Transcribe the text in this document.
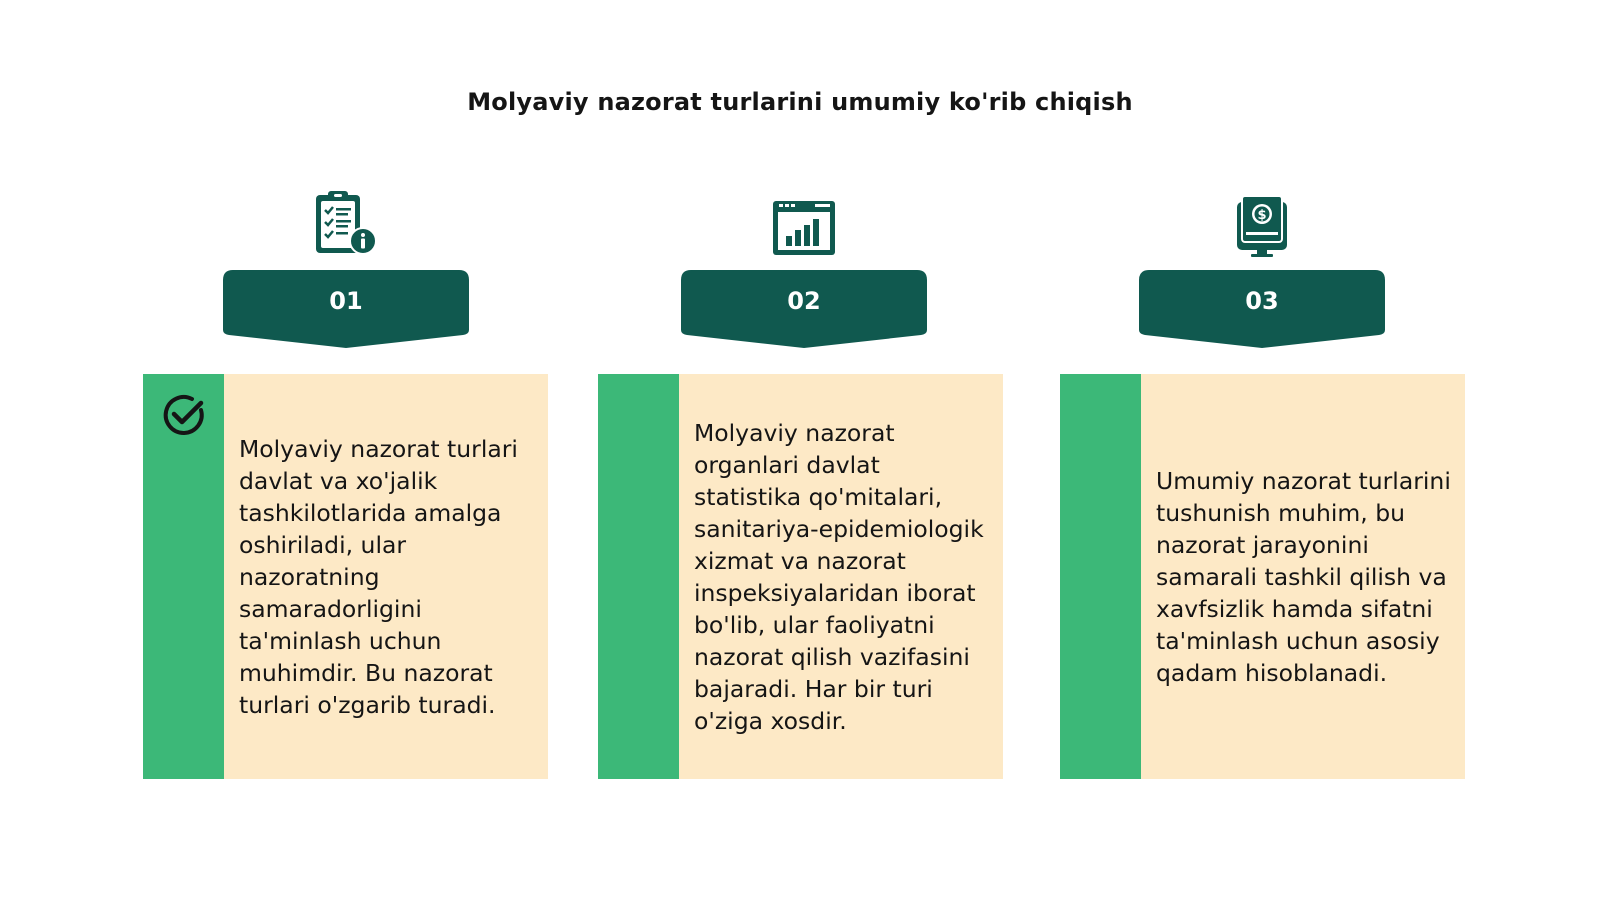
Molyaviy nazorat turlarini umumiy ko'rib chiqish
01	02
$
03
Molyaviy nazorat turlari davlat va xo'jalik tashkilotlarida amalga oshiriladi, ular nazoratning samaradorligini ta'minlash uchun muhimdir. Bu nazorat turlari o'zgarib turadi.
Molyaviy nazorat organlari davlat statistika qo'mitalari, sanitariya-epidemiologik xizmat va nazorat inspeksiyalaridan iborat bo'lib, ular faoliyatni nazorat qilish vazifasini bajaradi. Har bir turi o'ziga xosdir.
Umumiy nazorat turlarini tushunish muhim, bu nazorat jarayonini samarali tashkil qilish va xavfsizlik hamda sifatni ta'minlash uchun asosiy qadam hisoblanadi.
